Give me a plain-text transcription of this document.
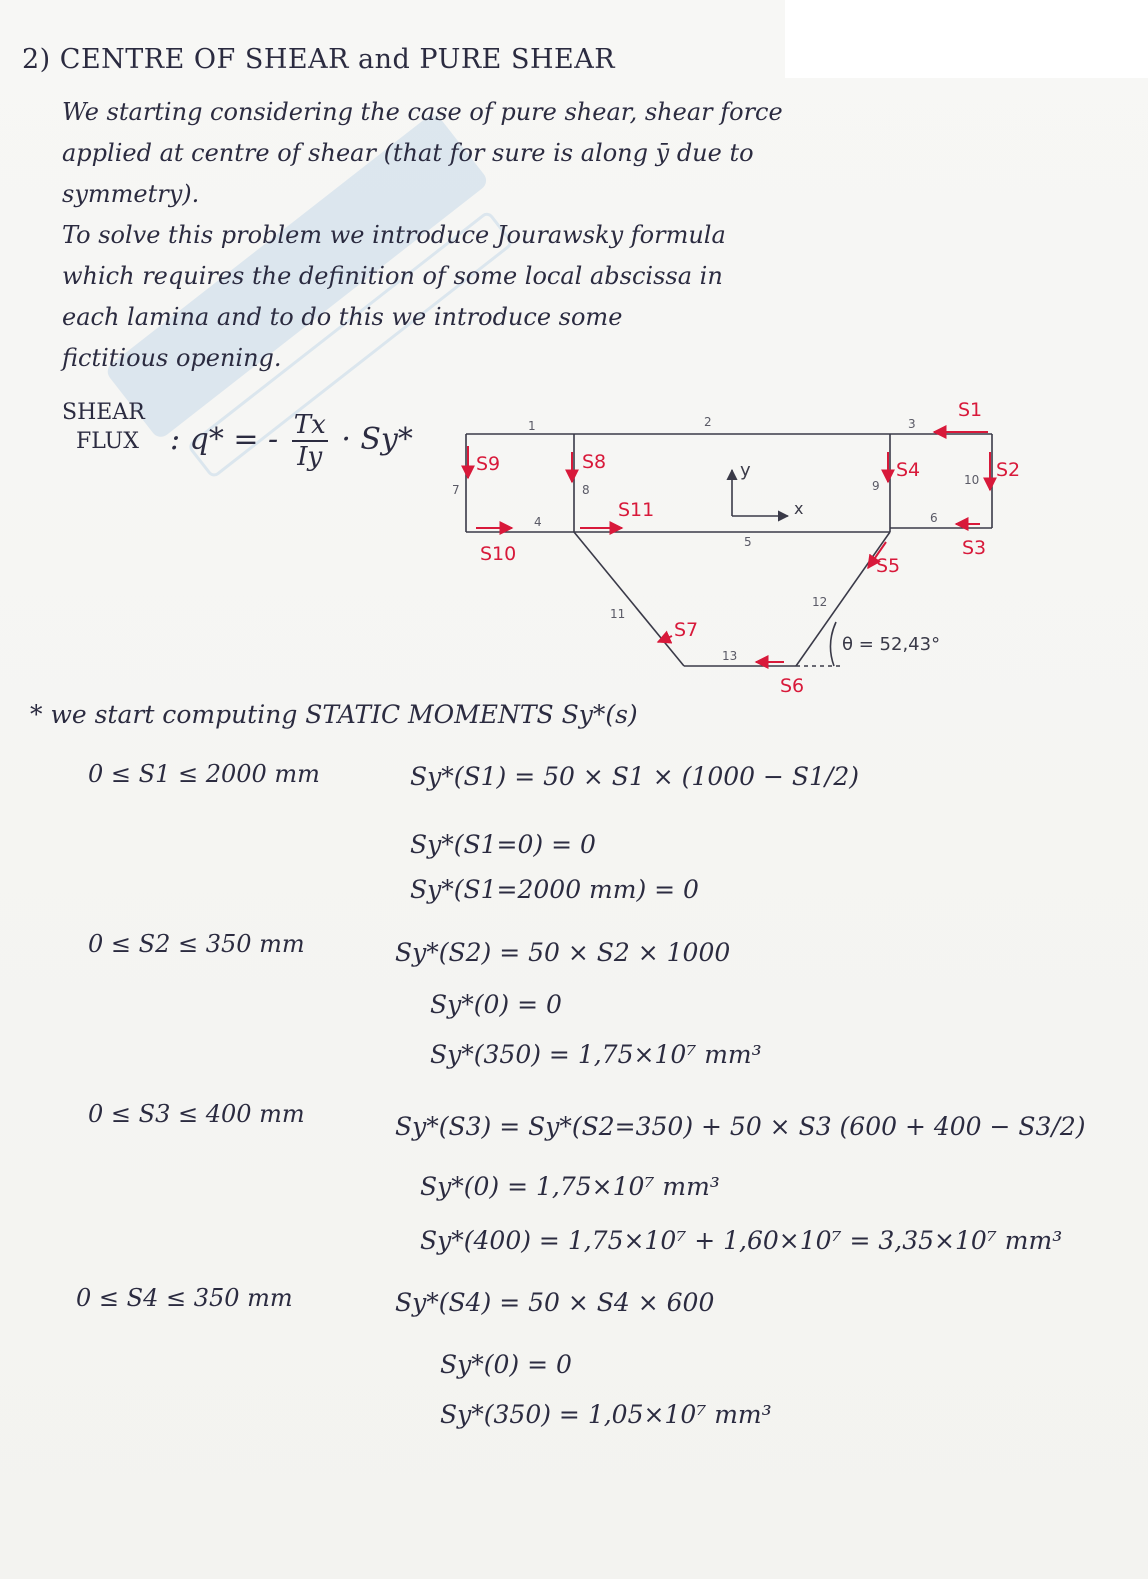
2) CENTRE OF SHEAR and PURE SHEAR
We starting considering the case of pure shear, shear force
applied at centre of shear (that for sure is along ȳ due to
symmetry).
To solve this problem we introduce Jourawsky formula
which requires the definition of some local abscissa in
each lamina and to do this we introduce some
fictitious opening.
SHEAR
FLUX : q* = - $\frac{Tx}{Iy} \cdot Sy*$
y
x
1	2	3
4
5
6
7	8	9	10
11
12
13
S1
S2
S3
S4
S5
S6
S7
S8
S9
S10
S11
θ = 52,43°
* we start computing STATIC MOMENTS Sy*(s)
0 ≤ S1 ≤ 2000 mm	Sy*(S1) = 50 × S1 × (1000 − S1/2)
Sy*(S1=0) = 0
Sy*(S1=2000 mm) = 0
0 ≤ S2 ≤ 350 mm	Sy*(S2) = 50 × S2 × 1000
Sy*(0) = 0
Sy*(350) = 1,75×10⁷ mm³
0 ≤ S3 ≤ 400 mm	Sy*(S3) = Sy*(S2=350) + 50 × S3 (600 + 400 − S3/2)
Sy*(0) = 1,75×10⁷ mm³
Sy*(400) = 1,75×10⁷ + 1,60×10⁷ = 3,35×10⁷ mm³
0 ≤ S4 ≤ 350 mm	Sy*(S4) = 50 × S4 × 600
Sy*(0) = 0
Sy*(350) = 1,05×10⁷ mm³
